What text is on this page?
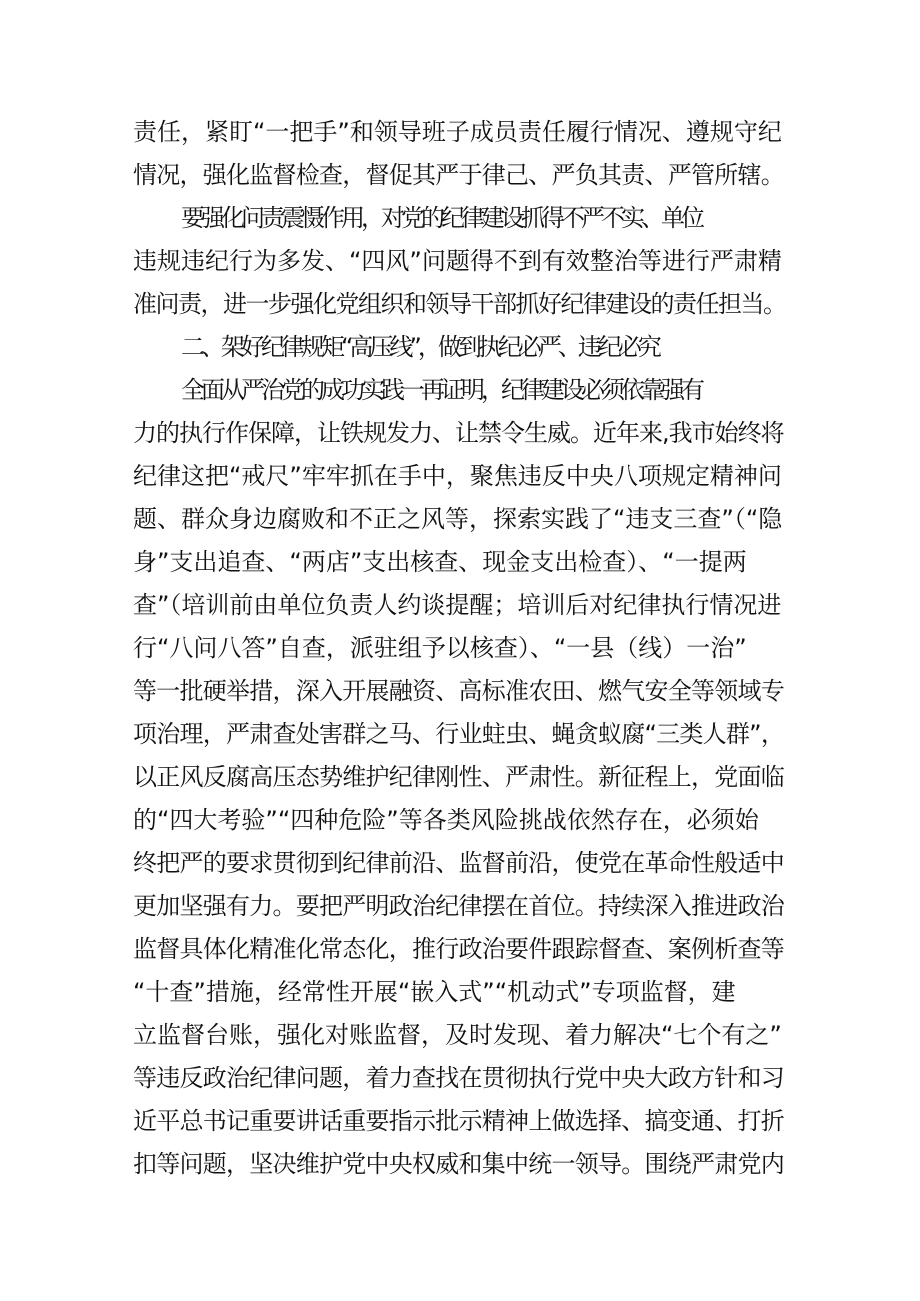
责任，紧盯“一把手”和领导班子成员责任履行情况、遵规守纪
情况，强化监督检查，督促其严于律己、严负其责、严管所辖。

要强化问责震慑作用，对党的纪律建设抓得不严不实、单位
违规违纪行为多发、“四风”问题得不到有效整治等进行严肃精
准问责，进一步强化党组织和领导干部抓好纪律建设的责任担当。

二、架好纪律规矩“高压线”，做到执纪必严、违纪必究

全面从严治党的成功实践一再证明，纪律建设必须依靠强有
力的执行作保障，让铁规发力、让禁令生威。近年来,我市始终将
纪律这把“戒尺”牢牢抓在手中，聚焦违反中央八项规定精神问
题、群众身边腐败和不正之风等，探索实践了“违支三查”（“隐
身”支出追查、“两店”支出核查、现金支出检查）、“一提两
查”（培训前由单位负责人约谈提醒；培训后对纪律执行情况进
行“八问八答”自查，派驻组予以核查）、“一县（线）一治”
等一批硬举措，深入开展融资、高标准农田、燃气安全等领域专
项治理，严肃查处害群之马、行业蛀虫、蝇贪蚁腐“三类人群”，
以正风反腐高压态势维护纪律刚性、严肃性。新征程上，党面临
的“四大考验”“四种危险”等各类风险挑战依然存在，必须始
终把严的要求贯彻到纪律前沿、监督前沿，使党在革命性般适中
更加坚强有力。要把严明政治纪律摆在首位。持续深入推进政治
监督具体化精准化常态化，推行政治要件跟踪督查、案例析查等
“十查”措施，经常性开展“嵌入式”“机动式”专项监督，建
立监督台账，强化对账监督，及时发现、着力解决“七个有之”
等违反政治纪律问题，着力查找在贯彻执行党中央大政方针和习
近平总书记重要讲话重要指示批示精神上做选择、搞变通、打折
扣等问题，坚决维护党中央权威和集中统一领导。围绕严肃党内
